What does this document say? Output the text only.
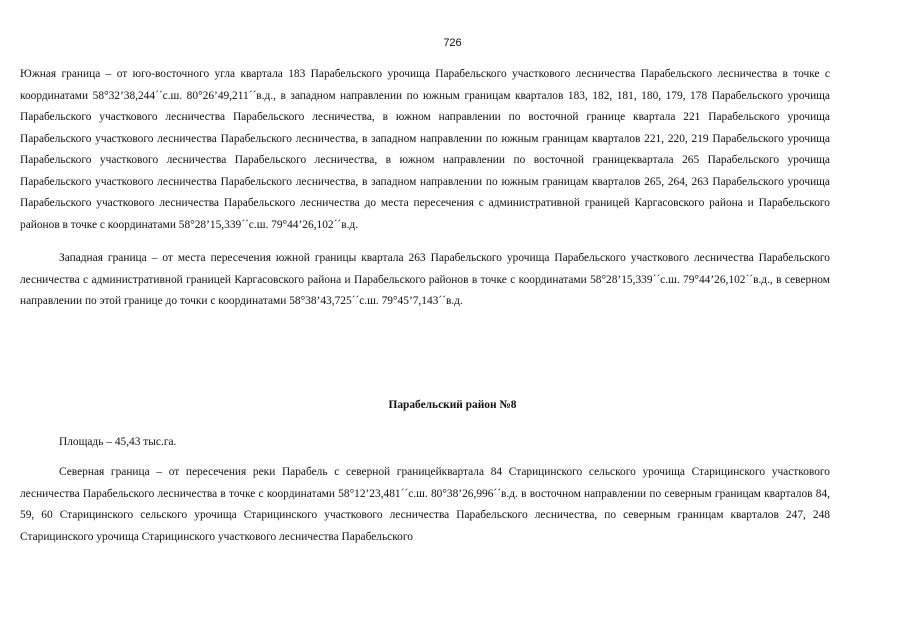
726

Южная граница – от юго-восточного угла квартала 183 Парабельского урочища Парабельского участкового лесничества Парабельского лесничества в точке с координатами 58°32’38,244´´с.ш. 80°26’49,211´´в.д., в западном направлении по южным границам кварталов 183, 182, 181, 180, 179, 178 Парабельского урочища Парабельского участкового лесничества Парабельского лесничества, в южном направлении по восточной границе квартала 221 Парабельского урочища Парабельского участкового лесничества Парабельского лесничества, в западном направлении по южным границам кварталов 221, 220, 219 Парабельского урочища Парабельского участкового лесничества Парабельского лесничества, в южном направлении по восточной границеквартала 265 Парабельского урочища Парабельского участкового лесничества Парабельского лесничества, в западном направлении по южным границам кварталов 265, 264, 263 Парабельского урочища Парабельского участкового лесничества Парабельского лесничества до места пересечения с административной границей Каргасовского района и Парабельского районов в точке с координатами 58°28’15,339´´с.ш. 79°44’26,102´´в.д.

Западная граница – от места пересечения южной границы квартала 263 Парабельского урочища Парабельского участкового лесничества Парабельского лесничества с административной границей Каргасовского района и Парабельского районов в точке с координатами 58°28’15,339´´с.ш. 79°44’26,102´´в.д., в северном направлении по этой границе до точки с координатами 58°38’43,725´´с.ш. 79°45’7,143´´в.д.

Парабельский район №8
Площадь – 45,43 тыс.га.

Северная граница – от пересечения реки Парабель с северной границейквартала 84 Старицинского сельского урочища Старицинского участкового лесничества Парабельского лесничества в точке с координатами 58°12’23,481´´с.ш. 80°38’26,996´´в.д. в восточном направлении по северным границам кварталов 84, 59, 60 Старицинского сельского урочища Старицинского участкового лесничества Парабельского лесничества, по северным границам кварталов 247, 248 Старицинского урочища Старицинского участкового лесничества Парабельского
